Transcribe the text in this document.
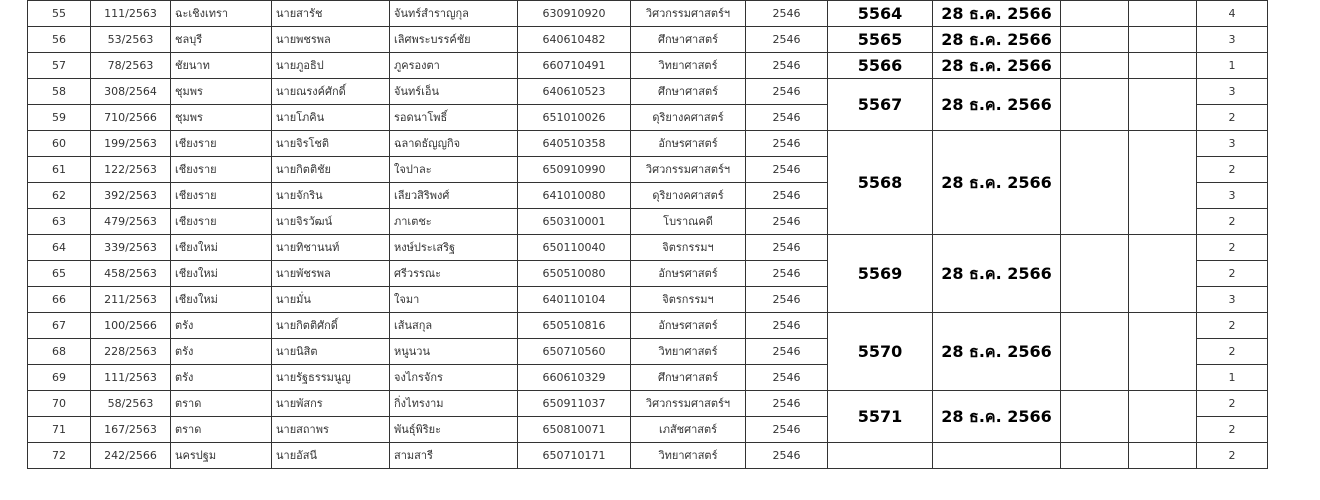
55	111/2563	ฉะเชิงเทรา	นายสารัช	จันทร์สำราญกุล	630910920	วิศวกรรมศาสตร์ฯ	2546	5564	28 ธ.ค. 2566			4
56	53/2563	ชลบุรี	นายพชรพล	เลิศพระบรรค์ชัย	640610482	ศึกษาศาสตร์	2546	5565	28 ธ.ค. 2566			3
57	78/2563	ชัยนาท	นายภูอธิป	ภูครองตา	660710491	วิทยาศาสตร์	2546	5566	28 ธ.ค. 2566			1
58	308/2564	ชุมพร	นายณรงค์ศักดิ์	จันทร์เอ็น	640610523	ศึกษาศาสตร์	2546	5567	28 ธ.ค. 2566			3
59	710/2566	ชุมพร	นายโภคิน	รอดนาโพธิ์	651010026	ดุริยางคศาสตร์	2546					2
60	199/2563	เชียงราย	นายจิรโชติ	ฉลาดธัญญกิจ	640510358	อักษรศาสตร์	2546	5568	28 ธ.ค. 2566			3
61	122/2563	เชียงราย	นายกิตติชัย	ใจปาละ	650910990	วิศวกรรมศาสตร์ฯ	2546					2
62	392/2563	เชียงราย	นายจักริน	เลียวสิริพงศ์	641010080	ดุริยางคศาสตร์	2546					3
63	479/2563	เชียงราย	นายจิรวัฒน์	ภาเตชะ	650310001	โบราณคดี	2546					2
64	339/2563	เชียงใหม่	นายทิชานนท์	หงษ์ประเสริฐ	650110040	จิตรกรรมฯ	2546	5569	28 ธ.ค. 2566			2
65	458/2563	เชียงใหม่	นายพัชรพล	ศรีวรรณะ	650510080	อักษรศาสตร์	2546					2
66	211/2563	เชียงใหม่	นายมั่น	ใจมา	640110104	จิตรกรรมฯ	2546					3
67	100/2566	ตรัง	นายกิตติศักดิ์	เส้นสกุล	650510816	อักษรศาสตร์	2546	5570	28 ธ.ค. 2566			2
68	228/2563	ตรัง	นายนิสิต	หนูนวน	650710560	วิทยาศาสตร์	2546					2
69	111/2563	ตรัง	นายรัฐธรรมนูญ	จงไกรจักร	660610329	ศึกษาศาสตร์	2546					1
70	58/2563	ตราด	นายพัสกร	กิ่งไทรงาม	650911037	วิศวกรรมศาสตร์ฯ	2546	5571	28 ธ.ค. 2566			2
71	167/2563	ตราด	นายสถาพร	พันธุ์พิริยะ	650810071	เภสัชศาสตร์	2546					2
72	242/2566	นครปฐม	นายอัสนี	สามสารี	650710171	วิทยาศาสตร์	2546					2
